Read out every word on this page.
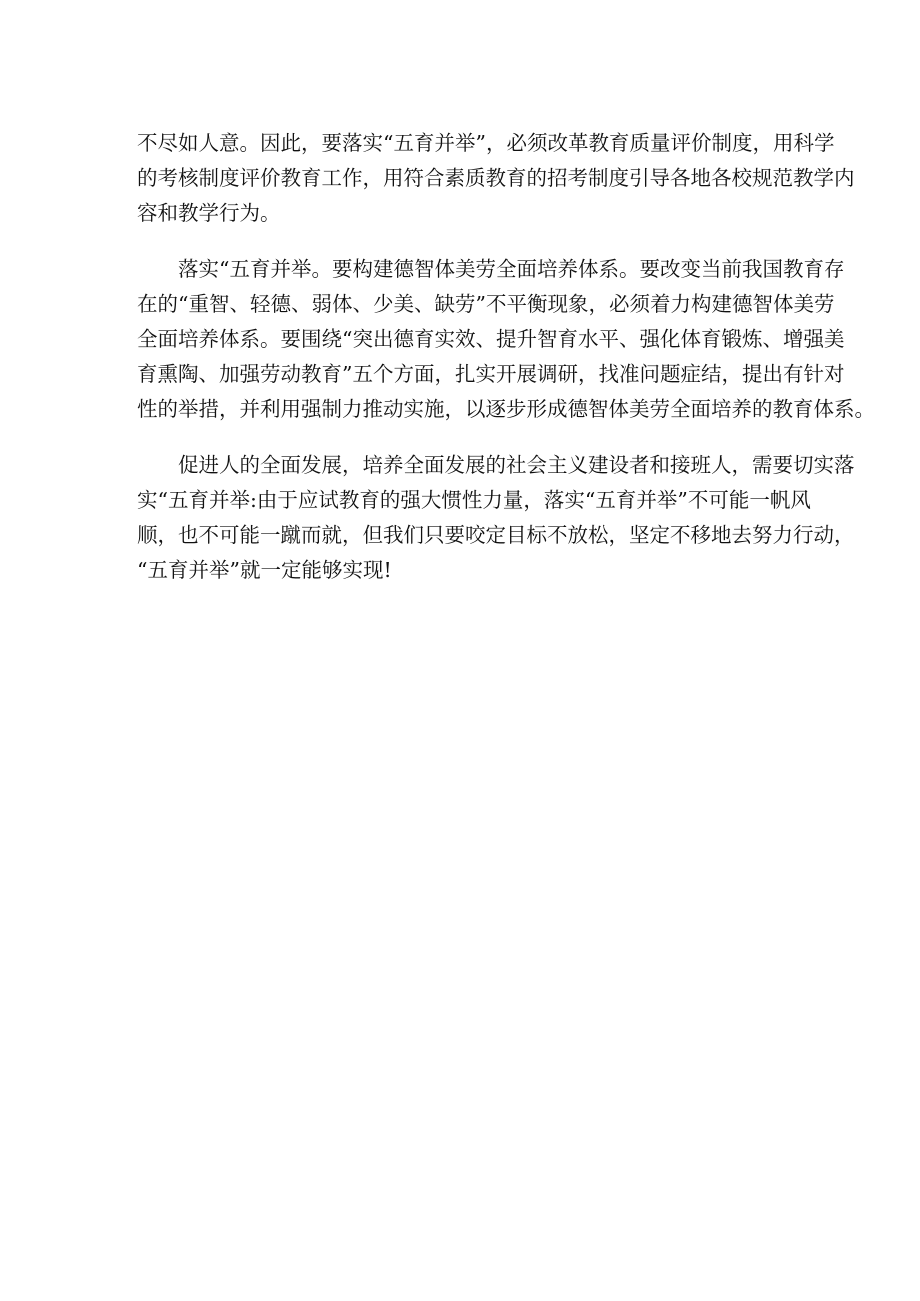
不尽如人意。因此，要落实“五育并举”，必须改革教育质量评价制度，用科学
的考核制度评价教育工作，用符合素质教育的招考制度引导各地各校规范教学内
容和教学行为。
　　落实“五育并举。要构建德智体美劳全面培养体系。要改变当前我国教育存
在的“重智、轻德、弱体、少美、缺劳”不平衡现象，必须着力构建德智体美劳
全面培养体系。要围绕“突出德育实效、提升智育水平、强化体育锻炼、增强美
育熏陶、加强劳动教育”五个方面，扎实开展调研，找准问题症结，提出有针对
性的举措，并利用强制力推动实施，以逐步形成德智体美劳全面培养的教育体系。
　　促进人的全面发展，培养全面发展的社会主义建设者和接班人，需要切实落
实“五育并举:由于应试教育的强大惯性力量，落实“五育并举”不可能一帆风
顺，也不可能一蹴而就，但我们只要咬定目标不放松，坚定不移地去努力行动，
“五育并举”就一定能够实现!
